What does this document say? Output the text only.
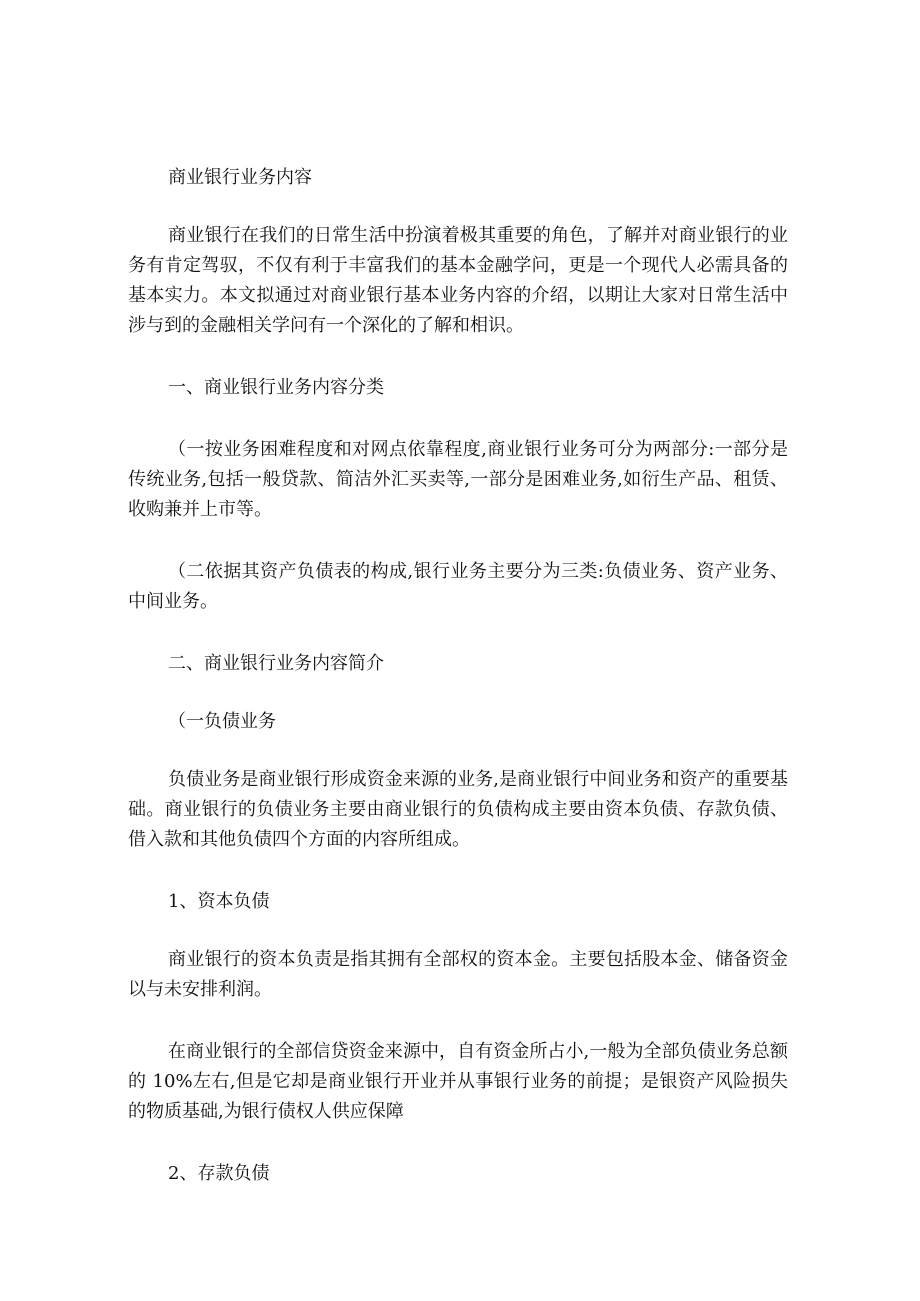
商业银行业务内容

商业银行在我们的日常生活中扮演着极其重要的角色，了解并对商业银行的业务有肯定驾驭，不仅有利于丰富我们的基本金融学问，更是一个现代人必需具备的基本实力。本文拟通过对商业银行基本业务内容的介绍，以期让大家对日常生活中涉与到的金融相关学问有一个深化的了解和相识。

一、商业银行业务内容分类

（一按业务困难程度和对网点依靠程度,商业银行业务可分为两部分:一部分是传统业务,包括一般贷款、简洁外汇买卖等,一部分是困难业务,如衍生产品、租赁、收购兼并上市等。

（二依据其资产负债表的构成,银行业务主要分为三类:负债业务、资产业务、中间业务。

二、商业银行业务内容简介

（一负债业务

负债业务是商业银行形成资金来源的业务,是商业银行中间业务和资产的重要基础。商业银行的负债业务主要由商业银行的负债构成主要由资本负债、存款负债、借入款和其他负债四个方面的内容所组成。

1、资本负债

商业银行的资本负责是指其拥有全部权的资本金。主要包括股本金、储备资金以与未安排利润。

在商业银行的全部信贷资金来源中，自有资金所占小,一般为全部负债业务总额的 10%左右,但是它却是商业银行开业并从事银行业务的前提；是银资产风险损失的物质基础,为银行债权人供应保障

2、存款负债
